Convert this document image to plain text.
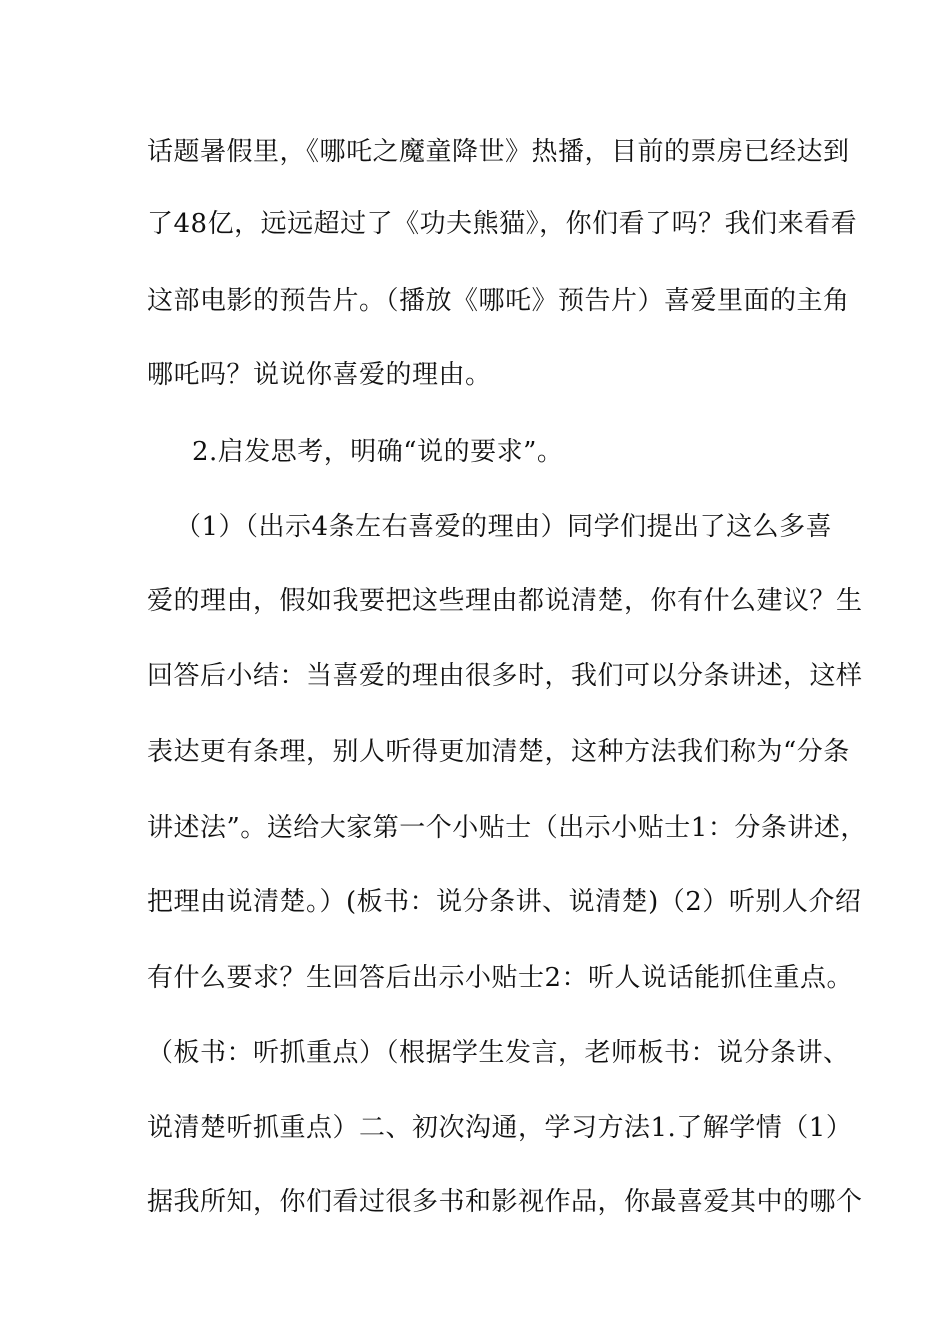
话题暑假里，《哪吒之魔童降世》热播，目前的票房已经达到
了48亿，远远超过了《功夫熊猫》，你们看了吗？我们来看看
这部电影的预告片。（播放《哪吒》预告片）喜爱里面的主角
哪吒吗？说说你喜爱的理由。
2.启发思考，明确“说的要求”。
（1）（出示4条左右喜爱的理由）同学们提出了这么多喜
爱的理由，假如我要把这些理由都说清楚，你有什么建议？生
回答后小结：当喜爱的理由很多时，我们可以分条讲述，这样
表达更有条理，别人听得更加清楚，这种方法我们称为“分条
讲述法”。送给大家第一个小贴士（出示小贴士1：分条讲述，
把理由说清楚。）(板书：说分条讲、说清楚)（2）听别人介绍
有什么要求？生回答后出示小贴士2：听人说话能抓住重点。
（板书：听抓重点）（根据学生发言，老师板书：说分条讲、
说清楚听抓重点）二、初次沟通，学习方法1.了解学情（1）
据我所知，你们看过很多书和影视作品，你最喜爱其中的哪个
